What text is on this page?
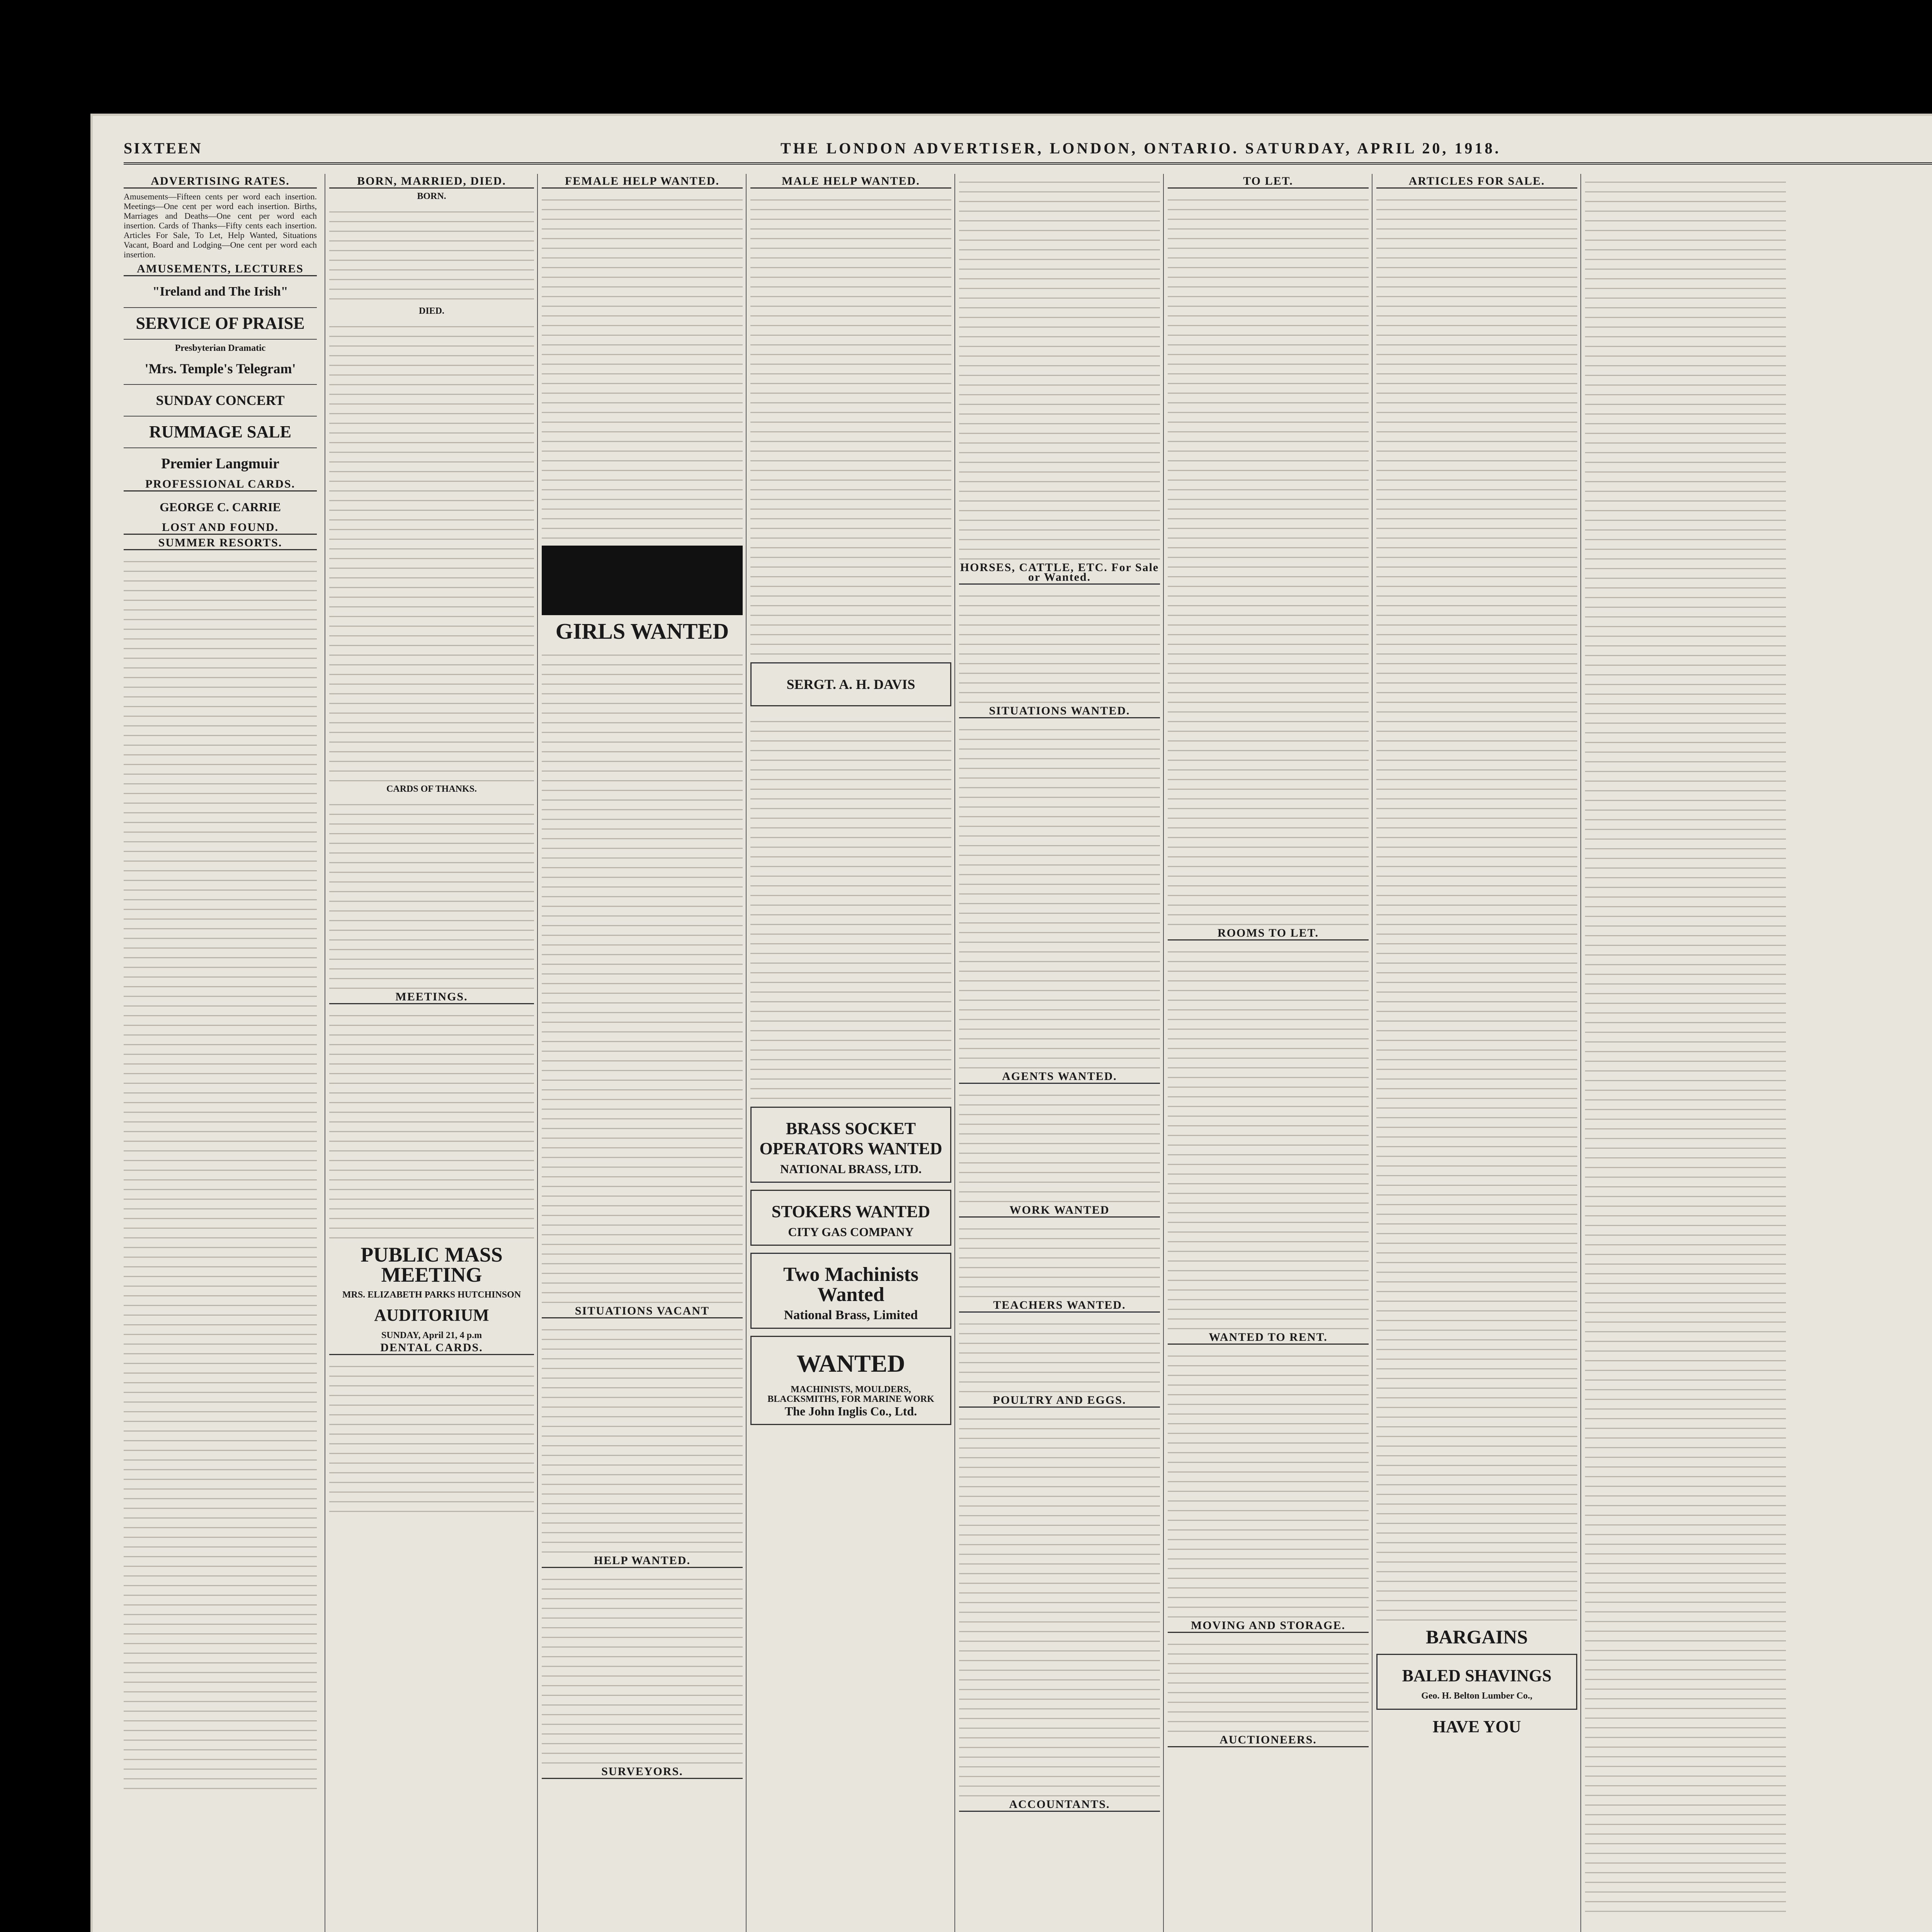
SIXTEEN	THE LONDON ADVERTISER, LONDON, ONTARIO. SATURDAY, APRIL 20, 1918.
ADVERTISING RATES.
Amusements—Fifteen cents per word each insertion. Meetings—One cent per word each insertion. Births, Marriages and Deaths—One cent per word each insertion. Cards of Thanks—Fifty cents each insertion. Articles For Sale, To Let, Help Wanted, Situations Vacant, Board and Lodging—One cent per word each insertion.
AMUSEMENTS, LECTURES
"Ireland and The Irish"
SERVICE OF PRAISE
Presbyterian Dramatic
'Mrs. Temple's Telegram'
SUNDAY CONCERT
RUMMAGE SALE
Premier Langmuir
PROFESSIONAL CARDS.
GEORGE C. CARRIE
LOST AND FOUND.
SUMMER RESORTS.
BORN, MARRIED, DIED.
BORN.
DIED.
CARDS OF THANKS.
MEETINGS.
PUBLIC MASS MEETING
MRS. ELIZABETH PARKS HUTCHINSON
AUDITORIUM
SUNDAY, April 21, 4 p.m
DENTAL CARDS.
FEMALE HELP WANTED.
GIRLS WANTED
SITUATIONS VACANT
HELP WANTED.
SURVEYORS.
MALE HELP WANTED.
SERGT. A. H. DAVIS
BRASS SOCKET OPERATORS WANTED
NATIONAL BRASS, LTD.
STOKERS WANTED
CITY GAS COMPANY
Two Machinists Wanted
National Brass, Limited
WANTED
MACHINISTS, MOULDERS, BLACKSMITHS, FOR MARINE WORK
The John Inglis Co., Ltd.
HORSES, CATTLE, ETC. For Sale or Wanted.
SITUATIONS WANTED.
AGENTS WANTED.
WORK WANTED
TEACHERS WANTED.
POULTRY AND EGGS.
ACCOUNTANTS.
TO LET.
ROOMS TO LET.
WANTED TO RENT.
MOVING AND STORAGE.
AUCTIONEERS.
ARTICLES FOR SALE.
BARGAINS
BALED SHAVINGS
Geo. H. Belton Lumber Co.,
HAVE YOU
